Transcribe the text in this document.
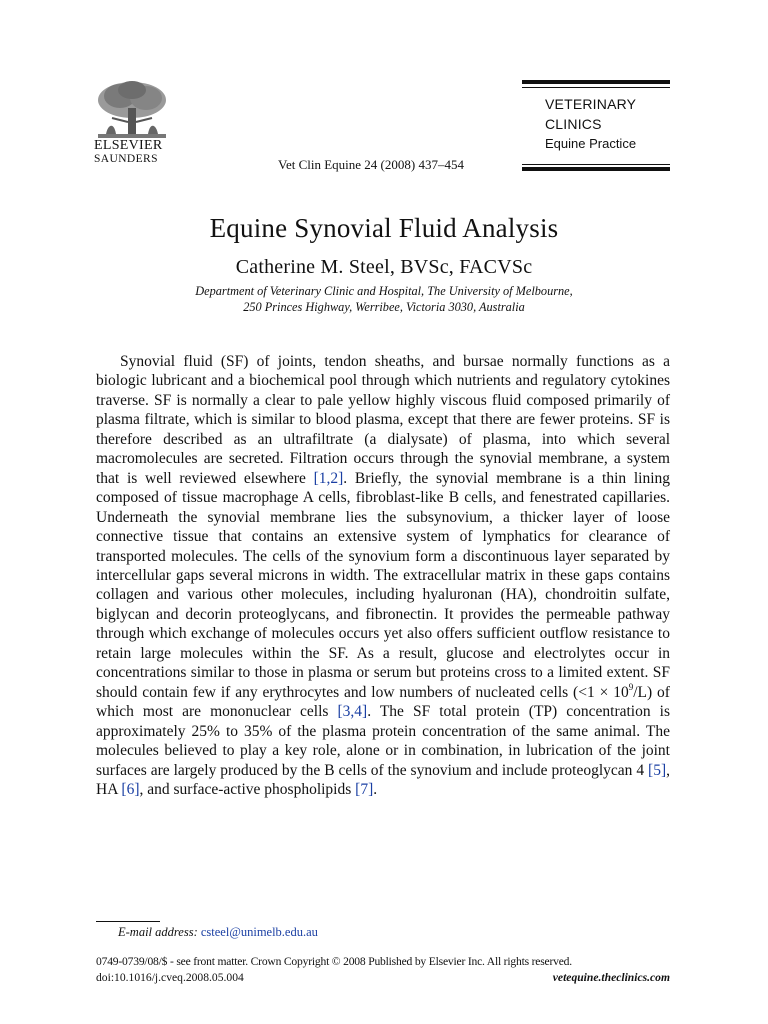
ELSEVIER
SAUNDERS	Vet Clin Equine 24 (2008) 437–454
VETERINARY
CLINICS
Equine Practice
Equine Synovial Fluid Analysis
Catherine M. Steel, BVSc, FACVSc
Department of Veterinary Clinic and Hospital, The University of Melbourne,
250 Princes Highway, Werribee, Victoria 3030, Australia

Synovial fluid (SF) of joints, tendon sheaths, and bursae normally functions as a biologic lubricant and a biochemical pool through which nutrients and regulatory cytokines traverse. SF is normally a clear to pale yellow highly viscous fluid composed primarily of plasma filtrate, which is similar to blood plasma, except that there are fewer proteins. SF is therefore described as an ultrafiltrate (a dialysate) of plasma, into which several macromolecules are secreted. Filtration occurs through the synovial membrane, a system that is well reviewed elsewhere [1,2]. Briefly, the synovial membrane is a thin lining composed of tissue macrophage A cells, fibroblast-like B cells, and fenestrated capillaries. Underneath the synovial membrane lies the subsynovium, a thicker layer of loose connective tissue that contains an extensive system of lymphatics for clearance of transported molecules. The cells of the synovium form a discontinuous layer separated by intercellular gaps several microns in width. The extracellular matrix in these gaps contains collagen and various other molecules, including hyaluronan (HA), chondroitin sulfate, biglycan and decorin proteoglycans, and fibronectin. It provides the permeable pathway through which exchange of molecules occurs yet also offers sufficient outflow resistance to retain large molecules within the SF. As a result, glucose and electrolytes occur in concentrations similar to those in plasma or serum but proteins cross to a limited extent. SF should contain few if any erythrocytes and low numbers of nucleated cells $(<1 \times 10^9/L)$ of which most are mononuclear cells [3,4]. The SF total protein (TP) concentration is approximately 25% to 35% of the plasma protein concentration of the same animal. The molecules believed to play a key role, alone or in combination, in lubrication of the joint surfaces are largely produced by the B cells of the synovium and include proteoglycan 4 [5], HA [6], and surface-active phospholipids [7].

E-mail address: csteel@unimelb.edu.au
0749-0739/08/$ - see front matter. Crown Copyright © 2008 Published by Elsevier Inc. All rights reserved.
doi:10.1016/j.cveq.2008.05.004	vetequine.theclinics.com
